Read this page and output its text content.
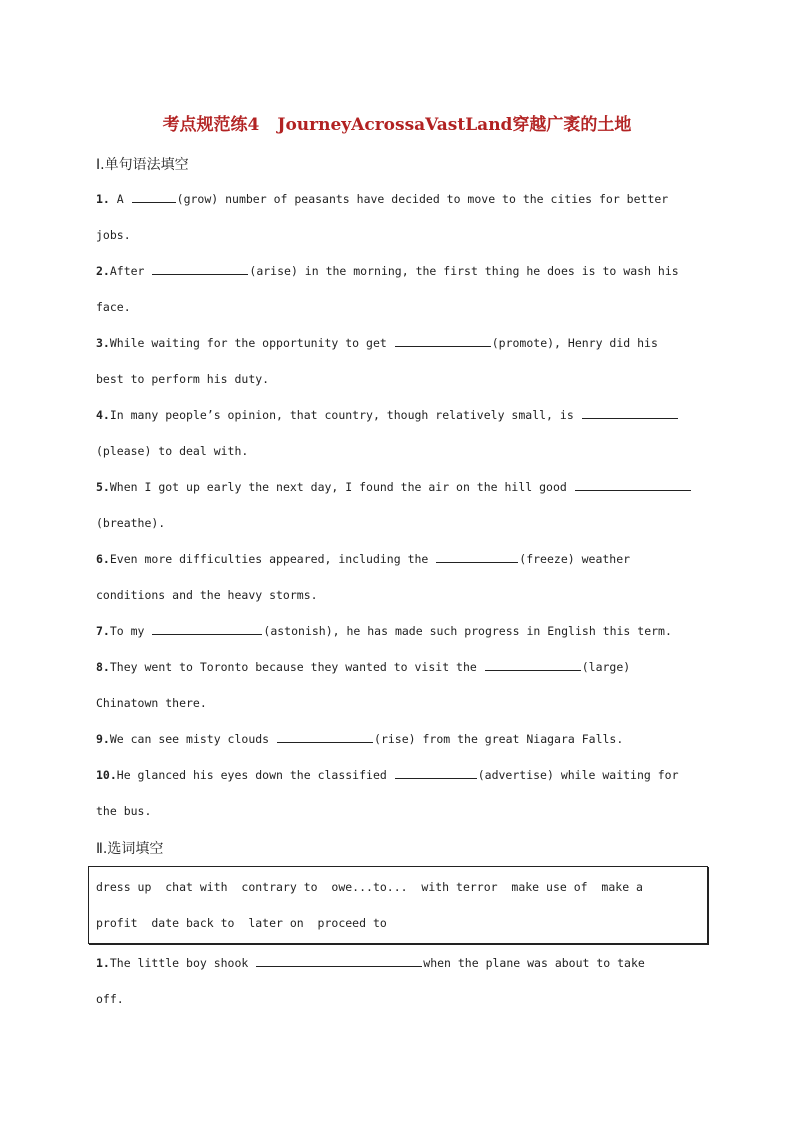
考点规范练4 JourneyAcrossaVastLand穿越广袤的土地
Ⅰ.单句语法填空
1. A	(grow) number of peasants have decided to move to the cities for better
jobs.
2.After	(arise) in the morning, the first thing he does is to wash his
face.
3.While waiting for the opportunity to get	(promote), Henry did his
best to perform his duty.
4.In many people’s opinion, that country, though relatively small, is
(please) to deal with.
5.When I got up early the next day, I found the air on the hill good
(breathe).
6.Even more difficulties appeared, including the	(freeze) weather
conditions and the heavy storms.
7.To my	(astonish), he has made such progress in English this term.
8.They went to Toronto because they wanted to visit the	(large)
Chinatown there.
9.We can see misty clouds	(rise) from the great Niagara Falls.
10.He glanced his eyes down the classified	(advertise) while waiting for
the bus.
Ⅱ.选词填空
dress up  chat with  contrary to  owe...to...  with terror  make use of  make a
profit  date back to  later on  proceed to
1.The little boy shook	when the plane was about to take
off.
